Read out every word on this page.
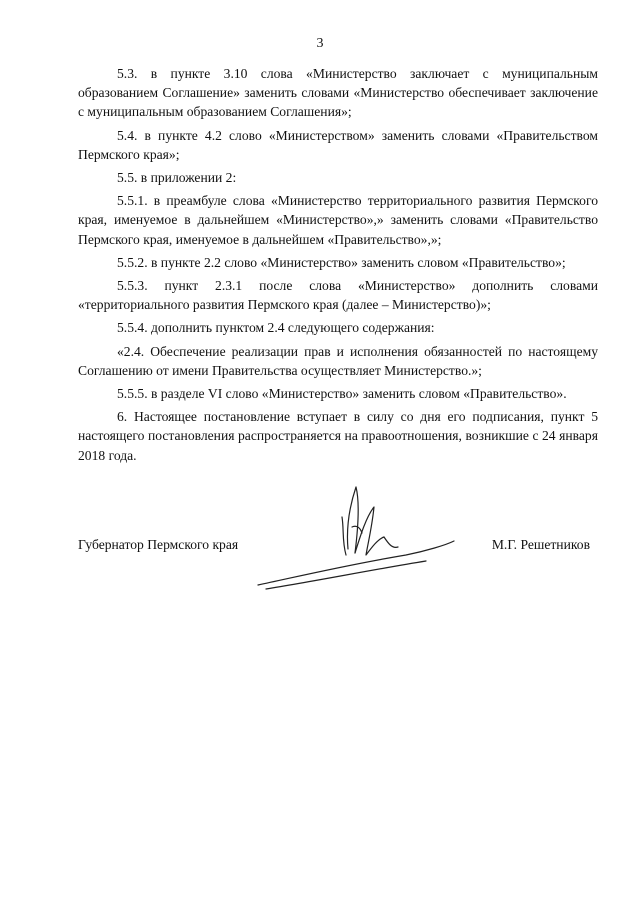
3

5.3. в пункте 3.10 слова «Министерство заключает с муниципальным образованием Соглашение» заменить словами «Министерство обеспечивает заключение с муниципальным образованием Соглашения»;

5.4. в пункте 4.2 слово «Министерством» заменить словами «Правительством Пермского края»;

5.5. в приложении 2:

5.5.1. в преамбуле слова «Министерство территориального развития Пермского края, именуемое в дальнейшем «Министерство»,» заменить словами «Правительство Пермского края, именуемое в дальнейшем «Правительство»,»;

5.5.2. в пункте 2.2 слово «Министерство» заменить словом «Правительство»;

5.5.3. пункт 2.3.1 после слова «Министерство» дополнить словами «территориального развития Пермского края (далее – Министерство)»;

5.5.4. дополнить пунктом 2.4 следующего содержания:

«2.4. Обеспечение реализации прав и исполнения обязанностей по настоящему Соглашению от имени Правительства осуществляет Министерство.»;

5.5.5. в разделе VI слово «Министерство» заменить словом «Правительство».

6. Настоящее постановление вступает в силу со дня его подписания, пункт 5 настоящего постановления распространяется на правоотношения, возникшие с 24 января 2018 года.

Губернатор Пермского края	М.Г. Решетников
